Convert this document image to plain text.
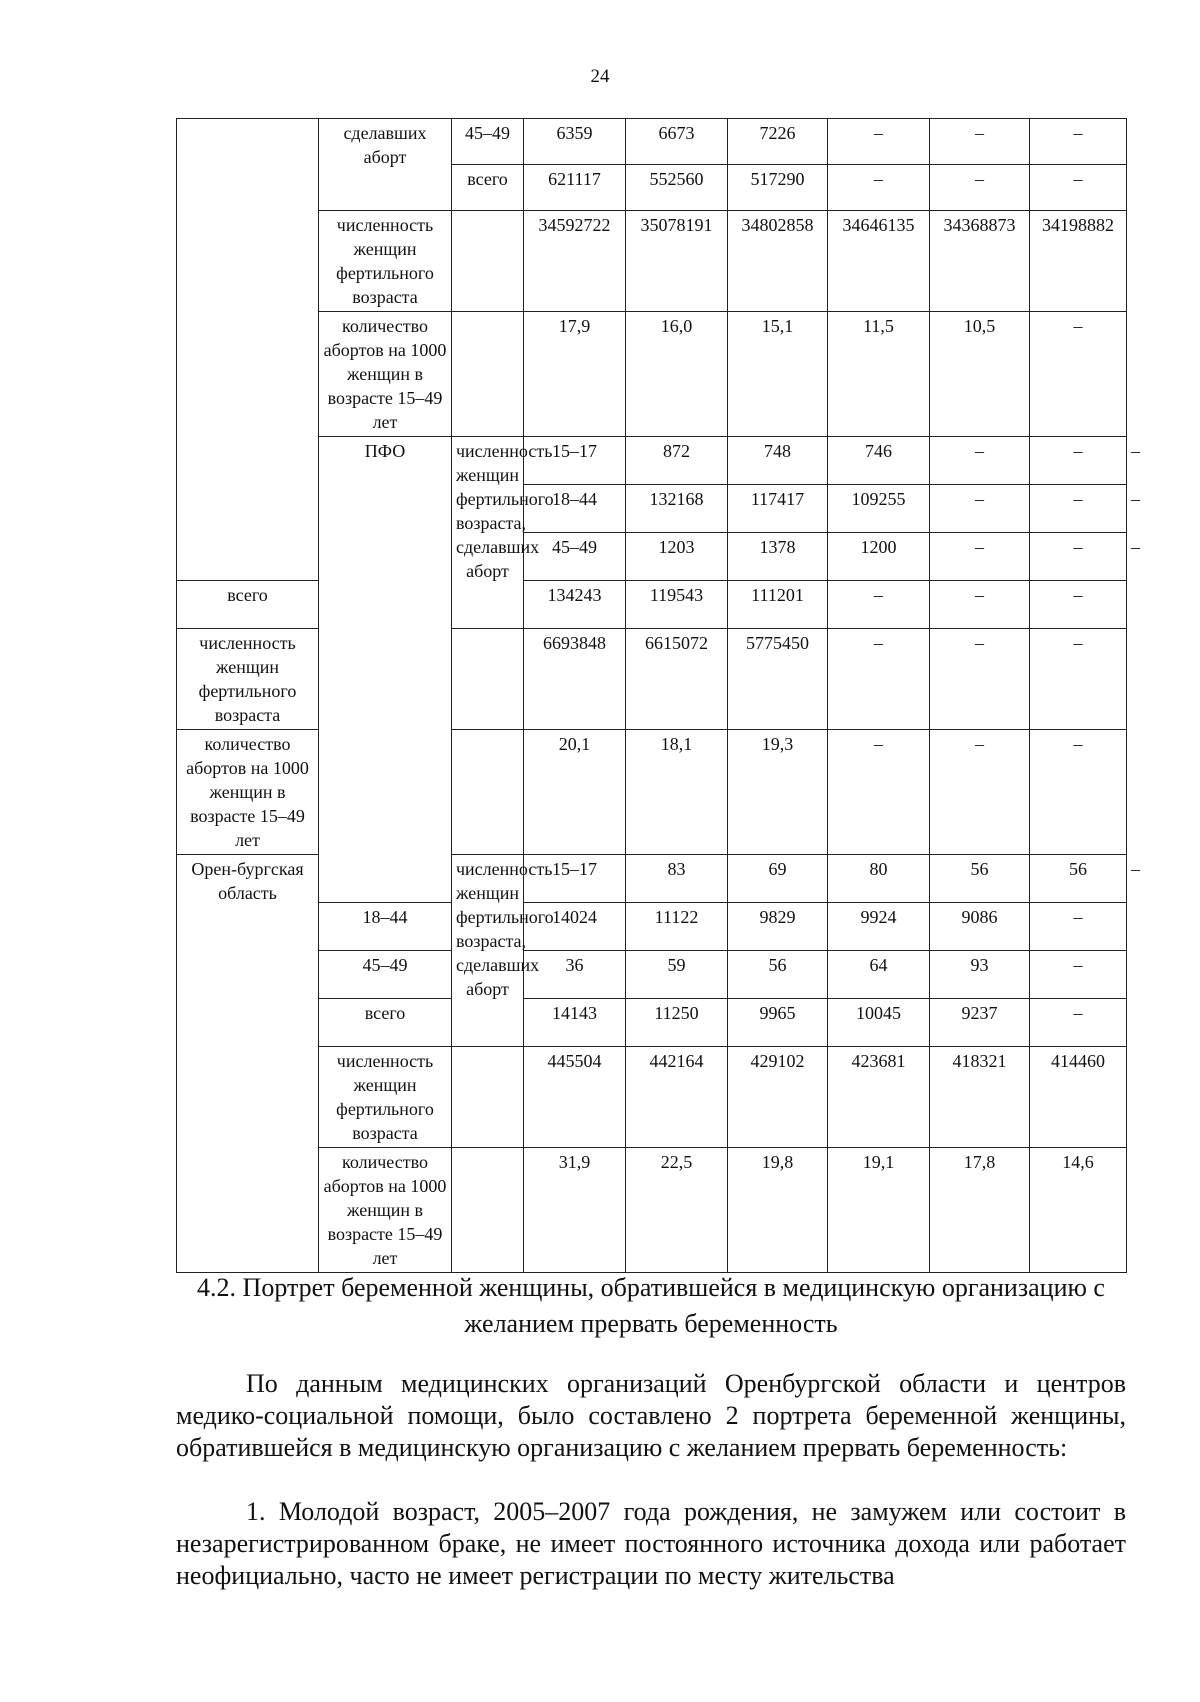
24
	сделавших аборт	45–49	6359	6673	7226	–	–	–	
		всего	621117	552560	517290	–	–	–	
	численность женщин фертильного возраста		34592722	35078191	34802858	34646135	34368873	34198882	
	количество абортов на 1000 женщин в возрасте 15–49 лет		17,9	16,0	15,1	11,5	10,5	–	
	ПФО	численность женщин фертильного возраста, сделавших аборт	15–17	872	748	746	–	–	–
			18–44	132168	117417	109255	–	–	–
			45–49	1203	1378	1200	–	–	–
всего			134243	119543	111201	–	–	–	
численность женщин фертильного возраста			6693848	6615072	5775450	–	–	–	
количество абортов на 1000 женщин в возрасте 15–49 лет			20,1	18,1	19,3	–	–	–	
Орен-бургская область		численность женщин фертильного возраста, сделавших аборт	15–17	83	69	80	56	56	–
	18–44		14024	11122	9829	9924	9086	–	
	45–49		36	59	56	64	93	–	
	всего		14143	11250	9965	10045	9237	–	
	численность женщин фертильного возраста		445504	442164	429102	423681	418321	414460	
	количество абортов на 1000 женщин в возрасте 15–49 лет		31,9	22,5	19,8	19,1	17,8	14,6	
4.2. Портрет беременной женщины, обратившейся в медицинскую организацию с желанием прервать беременность
По данным медицинских организаций Оренбургской области и центров медико-социальной помощи, было составлено 2 портрета беременной женщины, обратившейся в медицинскую организацию с желанием прервать беременность:
1. Молодой возраст, 2005–2007 года рождения, не замужем или состоит в незарегистрированном браке, не имеет постоянного источника дохода или работает неофициально, часто не имеет регистрации по месту жительства
